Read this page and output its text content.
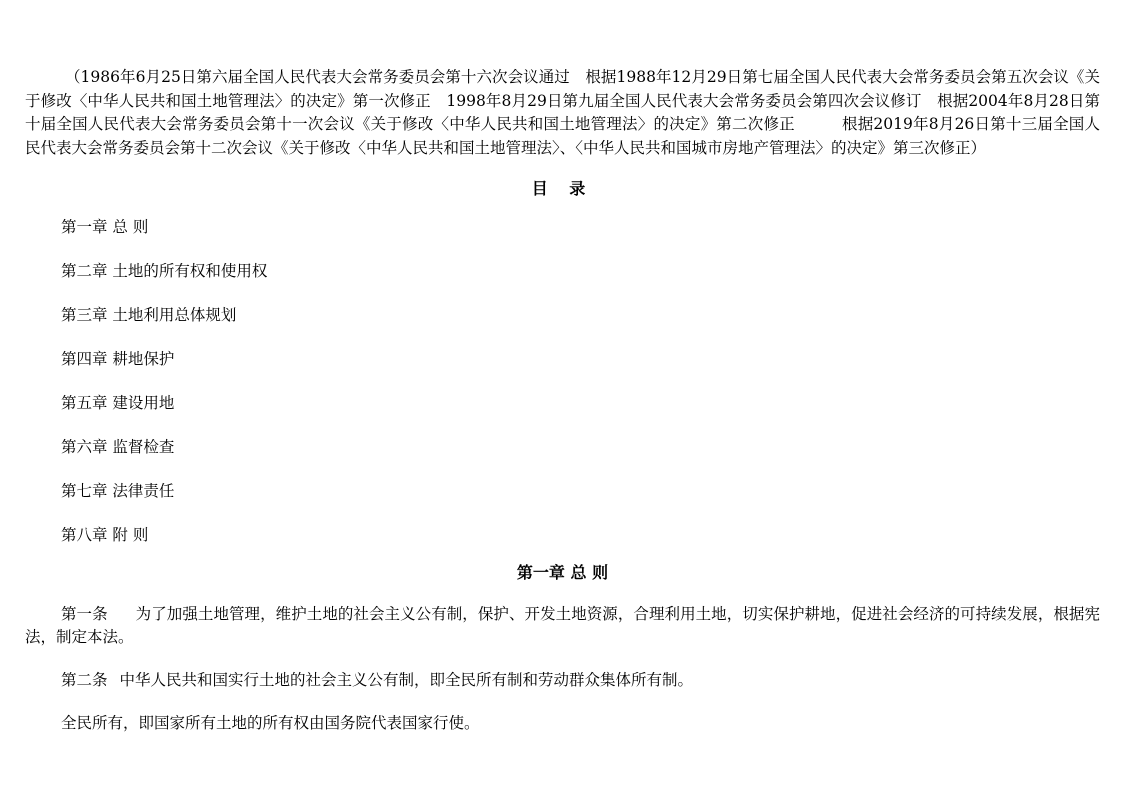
（1986年6月25日第六届全国人民代表大会常务委员会第十六次会议通过　根据1988年12月29日第七届全国人民代表大会常务委员会第五次会议《关于修改〈中华人民共和国土地管理法〉的决定》第一次修正　1998年8月29日第九届全国人民代表大会常务委员会第四次会议修订　根据2004年8月28日第十届全国人民代表大会常务委员会第十一次会议《关于修改〈中华人民共和国土地管理法〉的决定》第二次修正　　　根据2019年8月26日第十三届全国人民代表大会常务委员会第十二次会议《关于修改〈中华人民共和国土地管理法〉、〈中华人民共和国城市房地产管理法〉的决定》第三次修正）

目 录
第一章 总 则
第二章 土地的所有权和使用权
第三章 土地利用总体规划
第四章 耕地保护
第五章 建设用地
第六章 监督检查
第七章 法律责任
第八章 附 则
第一章 总 则

第一条 为了加强土地管理，维护土地的社会主义公有制，保护、开发土地资源，合理利用土地，切实保护耕地，促进社会经济的可持续发展，根据宪法，制定本法。

第二条 中华人民共和国实行土地的社会主义公有制，即全民所有制和劳动群众集体所有制。

全民所有，即国家所有土地的所有权由国务院代表国家行使。
